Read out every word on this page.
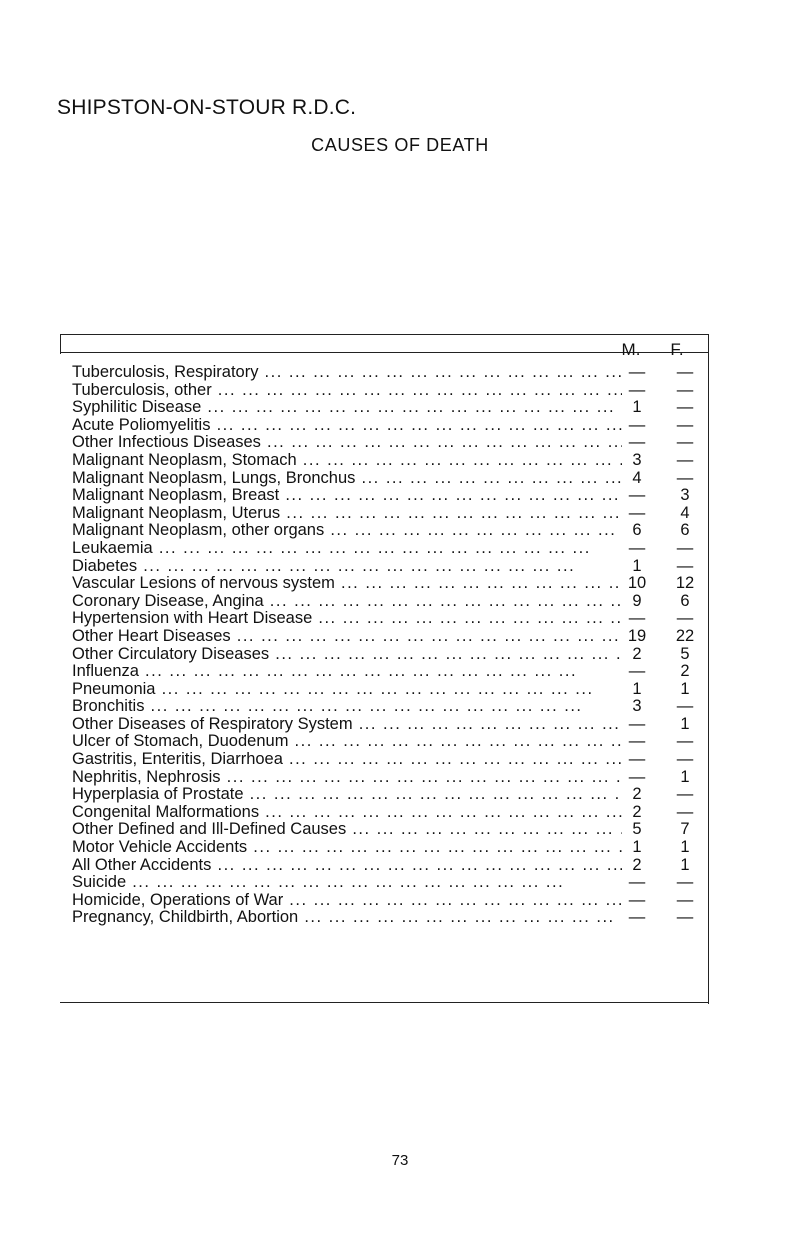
SHIPSTON-ON-STOUR R.D.C.
CAUSES OF DEATH
M.	F.
Tuberculosis, Respiratory ...	—	—
Tuberculosis, other ...	—	—
Syphilitic Disease ...	1	—
Acute Poliomyelitis ...	—	—
Other Infectious Diseases ...	—	—
Malignant Neoplasm, Stomach ...	3	—
Malignant Neoplasm, Lungs, Bronchus ...	4	—
Malignant Neoplasm, Breast ...	—	3
Malignant Neoplasm, Uterus ...	—	4
Malignant Neoplasm, other organs ...	6	6
Leukaemia ...	—	—
Diabetes ...	1	—
Vascular Lesions of nervous system ...	10	12
Coronary Disease, Angina ...	9	6
Hypertension with Heart Disease ...	—	—
Other Heart Diseases ...	19	22
Other Circulatory Diseases ...	2	5
Influenza ...	—	2
Pneumonia ...	1	1
Bronchitis ...	3	—
Other Diseases of Respiratory System ...	—	1
Ulcer of Stomach, Duodenum ...	—	—
Gastritis, Enteritis, Diarrhoea ...	—	—
Nephritis, Nephrosis ...	—	1
Hyperplasia of Prostate ...	2	—
Congenital Malformations ...	2	—
Other Defined and Ill-Defined Causes ...	5	7
Motor Vehicle Accidents ...	1	1
All Other Accidents ...	2	1
Suicide ...	—	—
Homicide, Operations of War ...	—	—
Pregnancy, Childbirth, Abortion ...	—	—
73
